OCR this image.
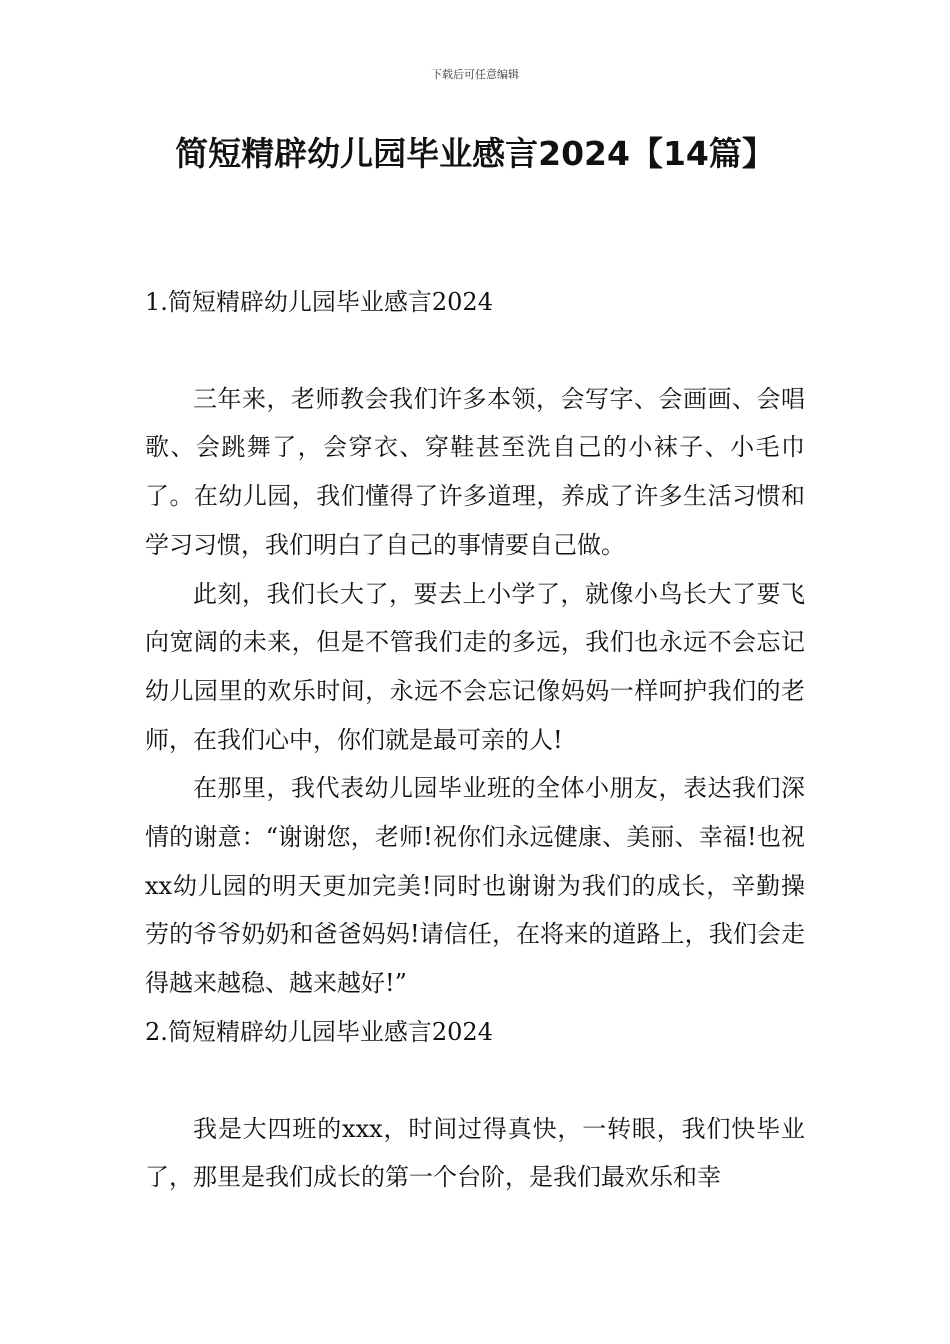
下载后可任意编辑
简短精辟幼儿园毕业感言2024【14篇】
1.简短精辟幼儿园毕业感言2024

三年来，老师教会我们许多本领，会写字、会画画、会唱歌、会跳舞了，会穿衣、穿鞋甚至洗自己的小袜子、小毛巾了。在幼儿园，我们懂得了许多道理，养成了许多生活习惯和学习习惯，我们明白了自己的事情要自己做。

此刻，我们长大了，要去上小学了，就像小鸟长大了要飞向宽阔的未来，但是不管我们走的多远，我们也永远不会忘记幼儿园里的欢乐时间，永远不会忘记像妈妈一样呵护我们的老师，在我们心中，你们就是最可亲的人!

在那里，我代表幼儿园毕业班的全体小朋友，表达我们深情的谢意：“谢谢您，老师!祝你们永远健康、美丽、幸福!也祝xx幼儿园的明天更加完美!同时也谢谢为我们的成长，辛勤操劳的爷爷奶奶和爸爸妈妈!请信任，在将来的道路上，我们会走得越来越稳、越来越好!”

2.简短精辟幼儿园毕业感言2024

我是大四班的xxx，时间过得真快，一转眼，我们快毕业了，那里是我们成长的第一个台阶，是我们最欢乐和幸
